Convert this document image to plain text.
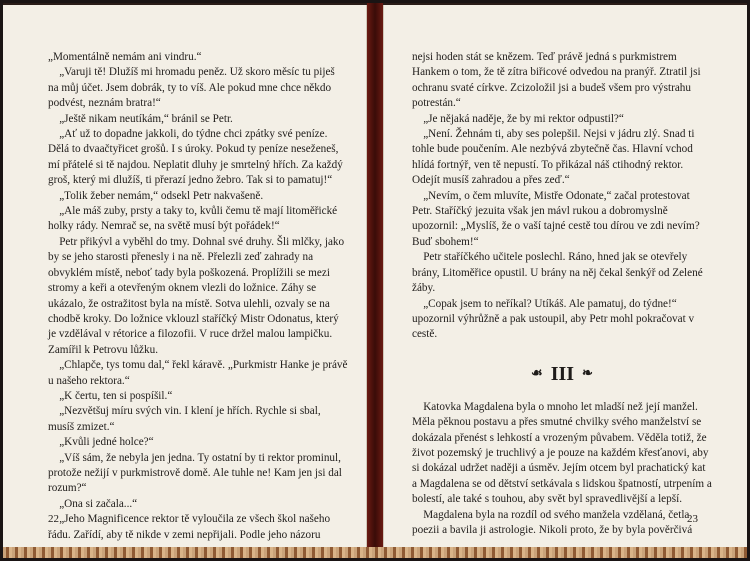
„Momentálně nemám ani vindru.“

„Varuji tě! Dlužíš mi hromadu peněz. Už skoro měsíc tu piješ na můj účet. Jsem dobrák, ty to víš. Ale pokud mne chce někdo podvést, neznám bratra!“

„Ještě nikam neutíkám,“ bránil se Petr.

„Ať už to dopadne jakkoli, do týdne chci zpátky své peníze. Dělá to dvaačtyřicet grošů. I s úroky. Pokud ty peníze neseženeš, mí přátelé si tě najdou. Neplatit dluhy je smrtelný hřích. Za každý groš, který mi dlužíš, ti přerazí jedno žebro. Tak si to pamatuj!“

„Tolik žeber nemám,“ odsekl Petr nakvašeně.

„Ale máš zuby, prsty a taky to, kvůli čemu tě mají litoměřické holky rády. Nemrač se, na světě musí být pořádek!“

Petr přikývl a vyběhl do tmy. Dohnal své druhy. Šli mlčky, jako by se jeho starosti přenesly i na ně. Přelezli zeď zahrady na obvyklém místě, neboť tady byla poškozená. Proplížili se mezi stromy a keři a otevřeným oknem vlezli do ložnice. Záhy se ukázalo, že ostražitost byla na místě. Sotva ulehli, ozvaly se na chodbě kroky. Do ložnice vklouzl staříčký Mistr Odonatus, který je vzdělával v rétorice a filozofii. V ruce držel malou lampičku. Zamířil k Petrovu lůžku.

„Chlapče, tys tomu dal,“ řekl káravě. „Purkmistr Hanke je právě u našeho rektora.“

„K čertu, ten si pospíšil.“

„Nezvětšuj míru svých vin. I klení je hřích. Rychle si sbal, musíš zmizet.“

„Kvůli jedné holce?“

„Víš sám, že nebyla jen jedna. Ty ostatní by ti rektor prominul, protože nežijí v purkmistrově domě. Ale tuhle ne! Kam jen jsi dal rozum?“

„Ona si začala...“

„Jeho Magnificence rektor tě vyloučila ze všech škol našeho řádu. Zařídí, aby tě nikde v zemi nepřijali. Podle jeho názoru

22

nejsi hoden stát se knězem. Teď právě jedná s purkmistrem Hankem o tom, že tě zítra biřicové odvedou na pranýř. Ztratil jsi ochranu svaté církve. Zcizoložil jsi a budeš všem pro výstrahu potrestán.“

„Je nějaká naděje, že by mi rektor odpustil?“

„Není. Žehnám ti, aby ses polepšil. Nejsi v jádru zlý. Snad ti tohle bude poučením. Ale nezbývá zbytečně čas. Hlavní vchod hlídá fortnýř, ven tě nepustí. To přikázal náš ctihodný rektor. Odejít musíš zahradou a přes zeď.“

„Nevím, o čem mluvíte, Mistře Odonate,“ začal protestovat Petr. Staříčký jezuita však jen mávl rukou a dobromyslně upozornil: „Myslíš, že o vaší tajné cestě tou dírou ve zdi nevím? Buď sbohem!“

Petr staříčkého učitele poslechl. Ráno, hned jak se otevřely brány, Litoměřice opustil. U brány na něj čekal šenkýř od Zelené žáby.

„Copak jsem to neříkal? Utíkáš. Ale pamatuj, do týdne!“ upozornil výhrůžně a pak ustoupil, aby Petr mohl pokračovat v cestě.

☙ III ❧

Katovka Magdalena byla o mnoho let mladší než její manžel. Měla pěknou postavu a přes smutné chvilky svého manželství se dokázala přenést s lehkostí a vrozeným půvabem. Věděla totiž, že život pozemský je truchlivý a je pouze na každém křesťanovi, aby si dokázal udržet naději a úsměv. Jejím otcem byl prachatický kat a Magdalena se od dětství setkávala s lidskou špatností, utrpením a bolestí, ale také s touhou, aby svět byl spravedlivější a lepší.

Magdalena byla na rozdíl od svého manžela vzdělaná, četla poezii a bavila ji astrologie. Nikoli proto, že by byla pověrčivá

23
